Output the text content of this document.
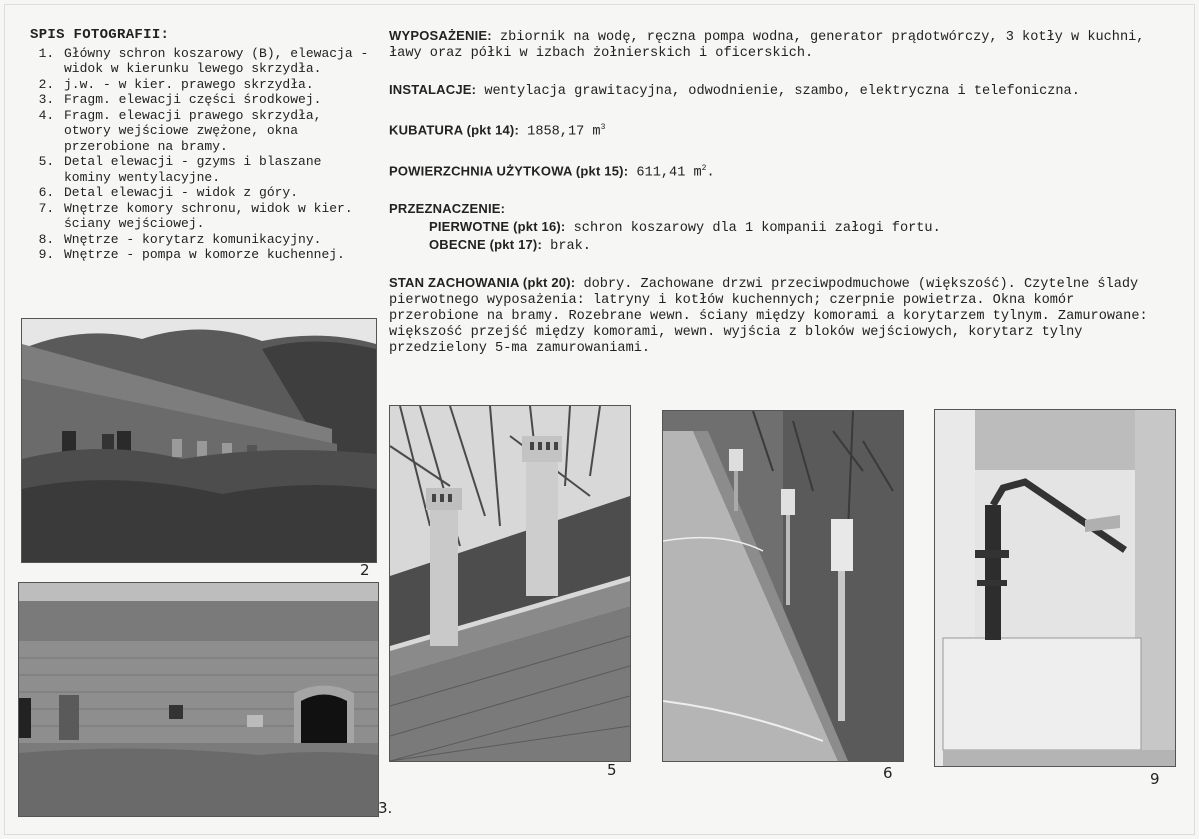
SPIS FOTOGRAFII:
1. Główny schron koszarowy (B), elewacja - widok w kierunku lewego skrzydła.
2. j.w. - w kier. prawego skrzydła.
3. Fragm. elewacji części środkowej.
4. Fragm. elewacji prawego skrzydła, otwory wejściowe zwężone, okna przerobione na bramy.
5. Detal elewacji - gzyms i blaszane kominy wentylacyjne.
6. Detal elewacji - widok z góry.
7. Wnętrze komory schronu, widok w kier. ściany wejściowej.
8. Wnętrze - korytarz komunikacyjny.
9. Wnętrze - pompa w komorze kuchennej.

WYPOSAŻENIE: zbiornik na wodę, ręczna pompa wodna, generator prądotwórczy, 3 kotły w kuchni, ławy oraz półki w izbach żołnierskich i oficerskich.

INSTALACJE: wentylacja grawitacyjna, odwodnienie, szambo, elektryczna i telefoniczna.

KUBATURA (pkt 14): 1858,17 $m^3$

POWIERZCHNIA UŻYTKOWA (pkt 15): 611,41 $m^2$.

PRZEZNACZENIE:

PIERWOTNE (pkt 16): schron koszarowy dla 1 kompanii załogi fortu.

OBECNE (pkt 17): brak.

STAN ZACHOWANIA (pkt 20): dobry. Zachowane drzwi przeciwpodmuchowe (większość). Czytelne ślady pierwotnego wyposażenia: latryny i kotłów kuchennych; czerpnie powietrza. Okna komór przerobione na bramy. Rozebrane wewn. ściany między komorami a korytarzem tylnym. Zamurowane: większość przejść między komorami, wewn. wyjścia z bloków wejściowych, korytarz tylny przedzielony 5-ma zamurowaniami.

2
3.
5	6	9
